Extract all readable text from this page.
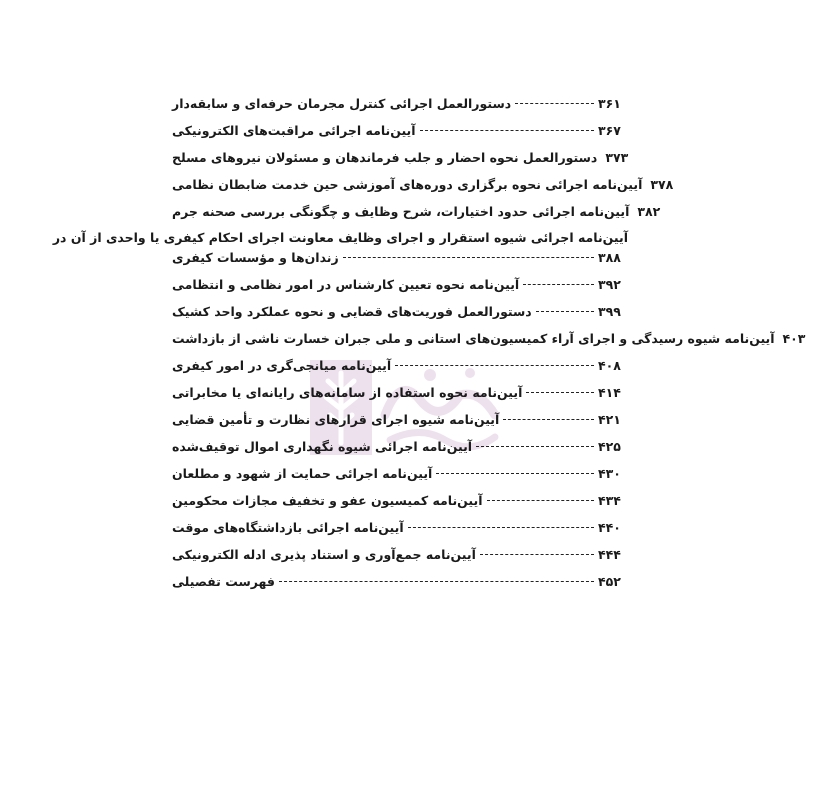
دستورالعمل اجرائی کنترل مجرمان حرفه‌ای و سابقه‌دار	۳۶۱
آیین‌نامه اجرائی مراقبت‌های الکترونیکی	۳۶۷
دستورالعمل نحوه احضار و جلب فرماندهان و مسئولان نیروهای مسلح ۳۷۳
آیین‌نامه اجرائی نحوه برگزاری دوره‌های آموزشی حین خدمت ضابطان نظامی ۳۷۸
آیین‌نامه اجرائی حدود اختیارات، شرح وظایف و چگونگی بررسی صحنه جرم ۳۸۲
آیین‌نامه اجرائی شیوه استقرار و اجرای وظایف معاونت اجرای احکام کیفری یا واحدی از آن در
زندان‌ها و مؤسسات کیفری	۳۸۸
آیین‌نامه نحوه تعیین کارشناس در امور نظامی و انتظامی	۳۹۲
دستورالعمل فوریت‌های قضایی و نحوه عملکرد واحد کشیک	۳۹۹
آیین‌نامه شیوه رسیدگی و اجرای آراء کمیسیون‌های استانی و ملی جبران خسارت ناشی از بازداشت ۴۰۳
آیین‌نامه میانجی‌گری در امور کیفری	۴۰۸
آیین‌نامه نحوه استفاده از سامانه‌های رایانه‌ای یا مخابراتی	۴۱۴
آیین‌نامه شیوه اجرای قرارهای نظارت و تأمین قضایی	۴۲۱
آیین‌نامه اجرائی شیوه نگهداری اموال توقیف‌شده	۴۲۵
آیین‌نامه اجرائی حمایت از شهود و مطلعان	۴۳۰
آیین‌نامه کمیسیون عفو و تخفیف مجازات محکومین	۴۳۴
آیین‌نامه اجرائی بازداشتگاه‌های موقت	۴۴۰
آیین‌نامه جمع‌آوری و استناد پذیری ادله الکترونیکی	۴۴۴
فهرست تفصیلی	۴۵۲
